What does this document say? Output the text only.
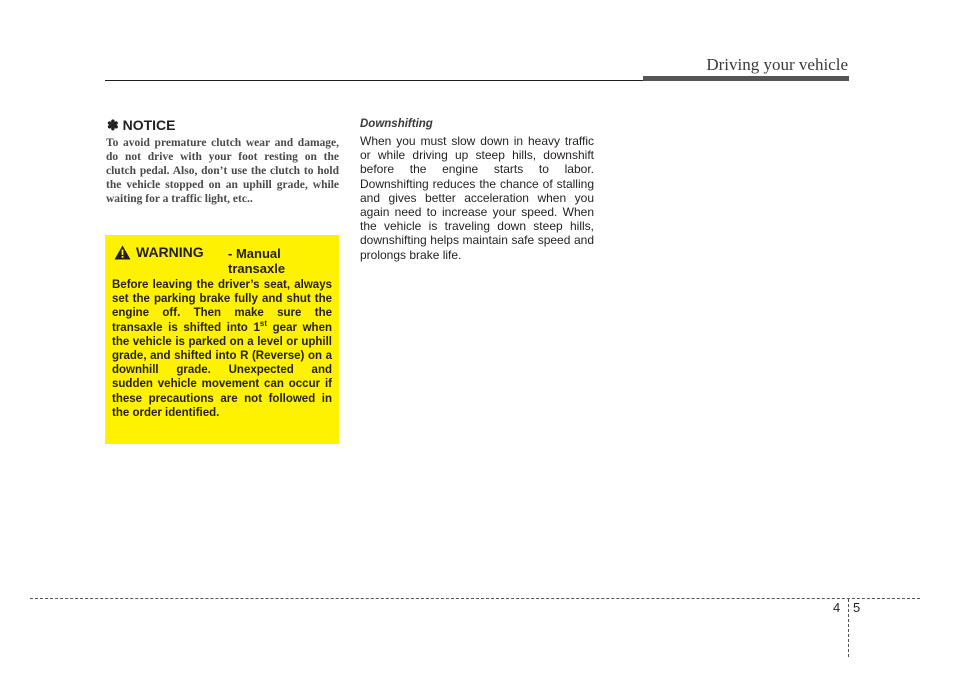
Driving your vehicle
✽ NOTICE
To avoid premature clutch wear and damage, do not drive with your foot resting on the clutch pedal. Also, don’t use the clutch to hold the vehicle stopped on an uphill grade, while waiting for a traffic light, etc..
WARNING - Manual transaxle
Before leaving the driver’s seat, always set the parking brake fully and shut the engine off. Then make sure the transaxle is shifted into 1st gear when the vehicle is parked on a level or uphill grade, and shifted into R (Reverse) on a downhill grade. Unexpected and sudden vehicle movement can occur if these precautions are not followed in the order identified.
Downshifting
When you must slow down in heavy traffic or while driving up steep hills, downshift before the engine starts to labor. Downshifting reduces the chance of stalling and gives better acceleration when you again need to increase your speed. When the vehicle is traveling down steep hills, downshifting helps maintain safe speed and prolongs brake life.
4 5
